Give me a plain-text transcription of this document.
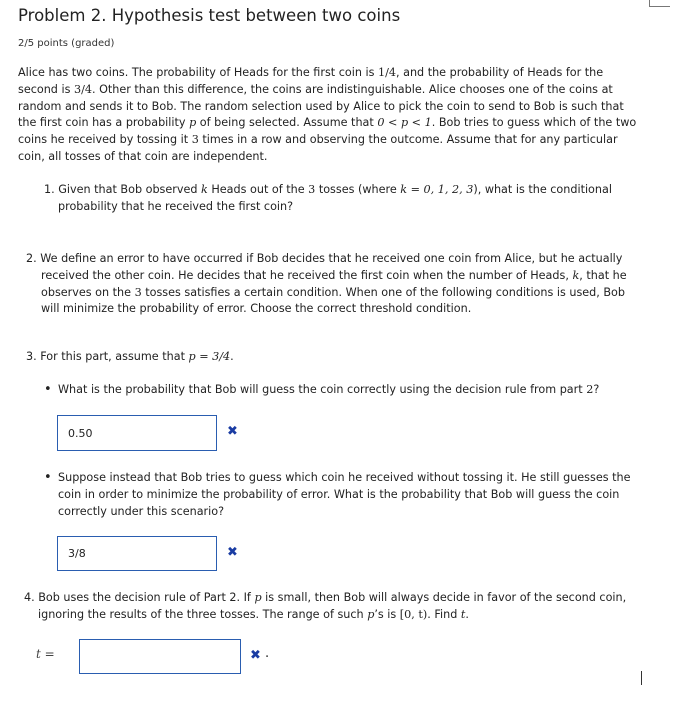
Problem 2. Hypothesis test between two coins
2/5 points (graded)
Alice has two coins. The probability of Heads for the first coin is 1/4, and the probability of Heads for the second is 3/4. Other than this difference, the coins are indistinguishable. Alice chooses one of the coins at random and sends it to Bob. The random selection used by Alice to pick the coin to send to Bob is such that the first coin has a probability p of being selected. Assume that 0 < p < 1. Bob tries to guess which of the two coins he received by tossing it 3 times in a row and observing the outcome. Assume that for any particular coin, all tosses of that coin are independent.
1. Given that Bob observed k Heads out of the 3 tosses (where k = 0, 1, 2, 3), what is the conditional probability that he received the first coin?
2. We define an error to have occurred if Bob decides that he received one coin from Alice, but he actually received the other coin. He decides that he received the first coin when the number of Heads, k, that he observes on the 3 tosses satisfies a certain condition. When one of the following conditions is used, Bob will minimize the probability of error. Choose the correct threshold condition.
3. For this part, assume that p = 3/4.
• What is the probability that Bob will guess the coin correctly using the decision rule from part 2?
0.50
✖
• Suppose instead that Bob tries to guess which coin he received without tossing it. He still guesses the coin in order to minimize the probability of error. What is the probability that Bob will guess the coin correctly under this scenario?
3/8
✖
4. Bob uses the decision rule of Part 2. If p is small, then Bob will always decide in favor of the second coin, ignoring the results of the three tosses. The range of such p’s is [0, t). Find t.
t =	✖ .
